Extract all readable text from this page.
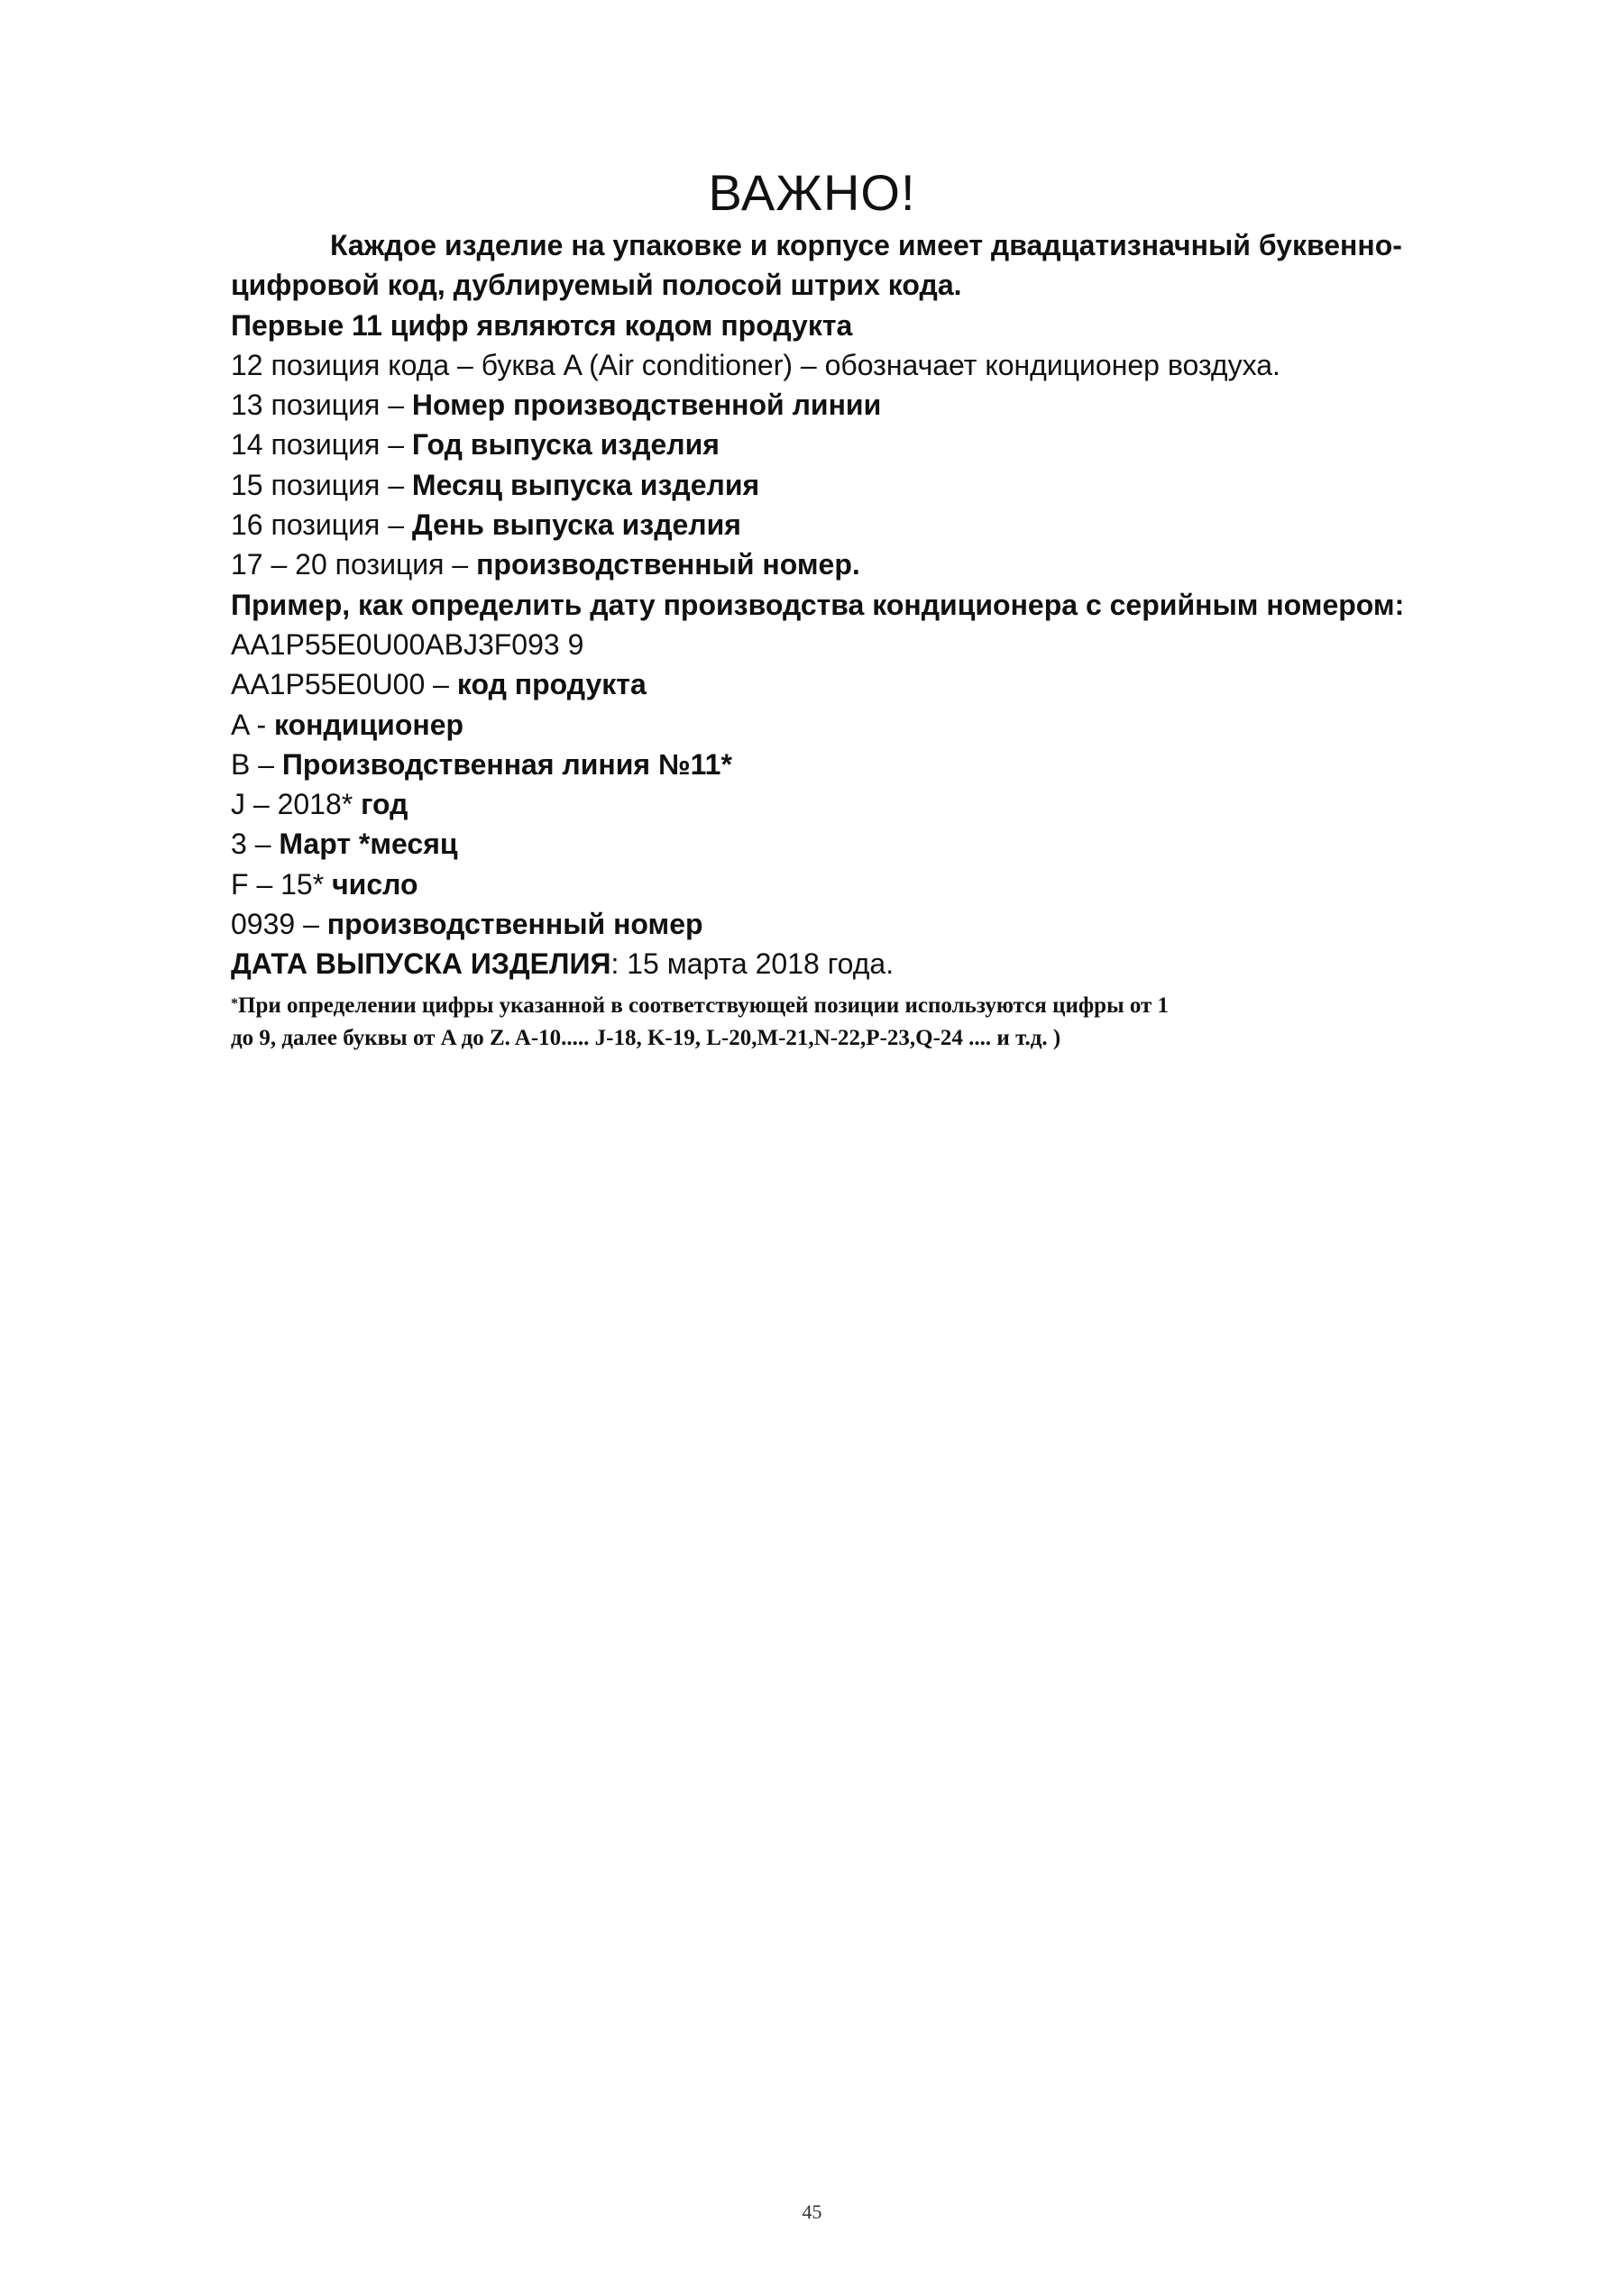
ВАЖНО!

Каждое изделие на упаковке и корпусе имеет двадцатизначный буквенно-

цифровой код, дублируемый полосой штрих кода.

Первые 11 цифр являются кодом продукта

12 позиция кода – буква A (Air conditioner) – обозначает кондиционер воздуха.

13 позиция – Номер производственной линии

14 позиция – Год выпуска изделия

15 позиция – Месяц выпуска изделия

16 позиция – День выпуска изделия

17 – 20 позиция – производственный номер.

Пример, как определить дату производства кондиционера с серийным номером:

AA1P55E0U00ABJ3F093 9

AA1P55E0U00 – код продукта

A - кондиционер

B – Производственная линия №11*

J – 2018* год

3 – Март *месяц

F – 15* число

0939 – производственный номер

ДАТА ВЫПУСКА ИЗДЕЛИЯ: 15 марта 2018 года.

*При определении цифры указанной в соответствующей позиции используются цифры от 1

до 9, далее буквы от A до Z. A-10..... J-18, K-19, L-20,M-21,N-22,P-23,Q-24 .... и т.д. )

45
